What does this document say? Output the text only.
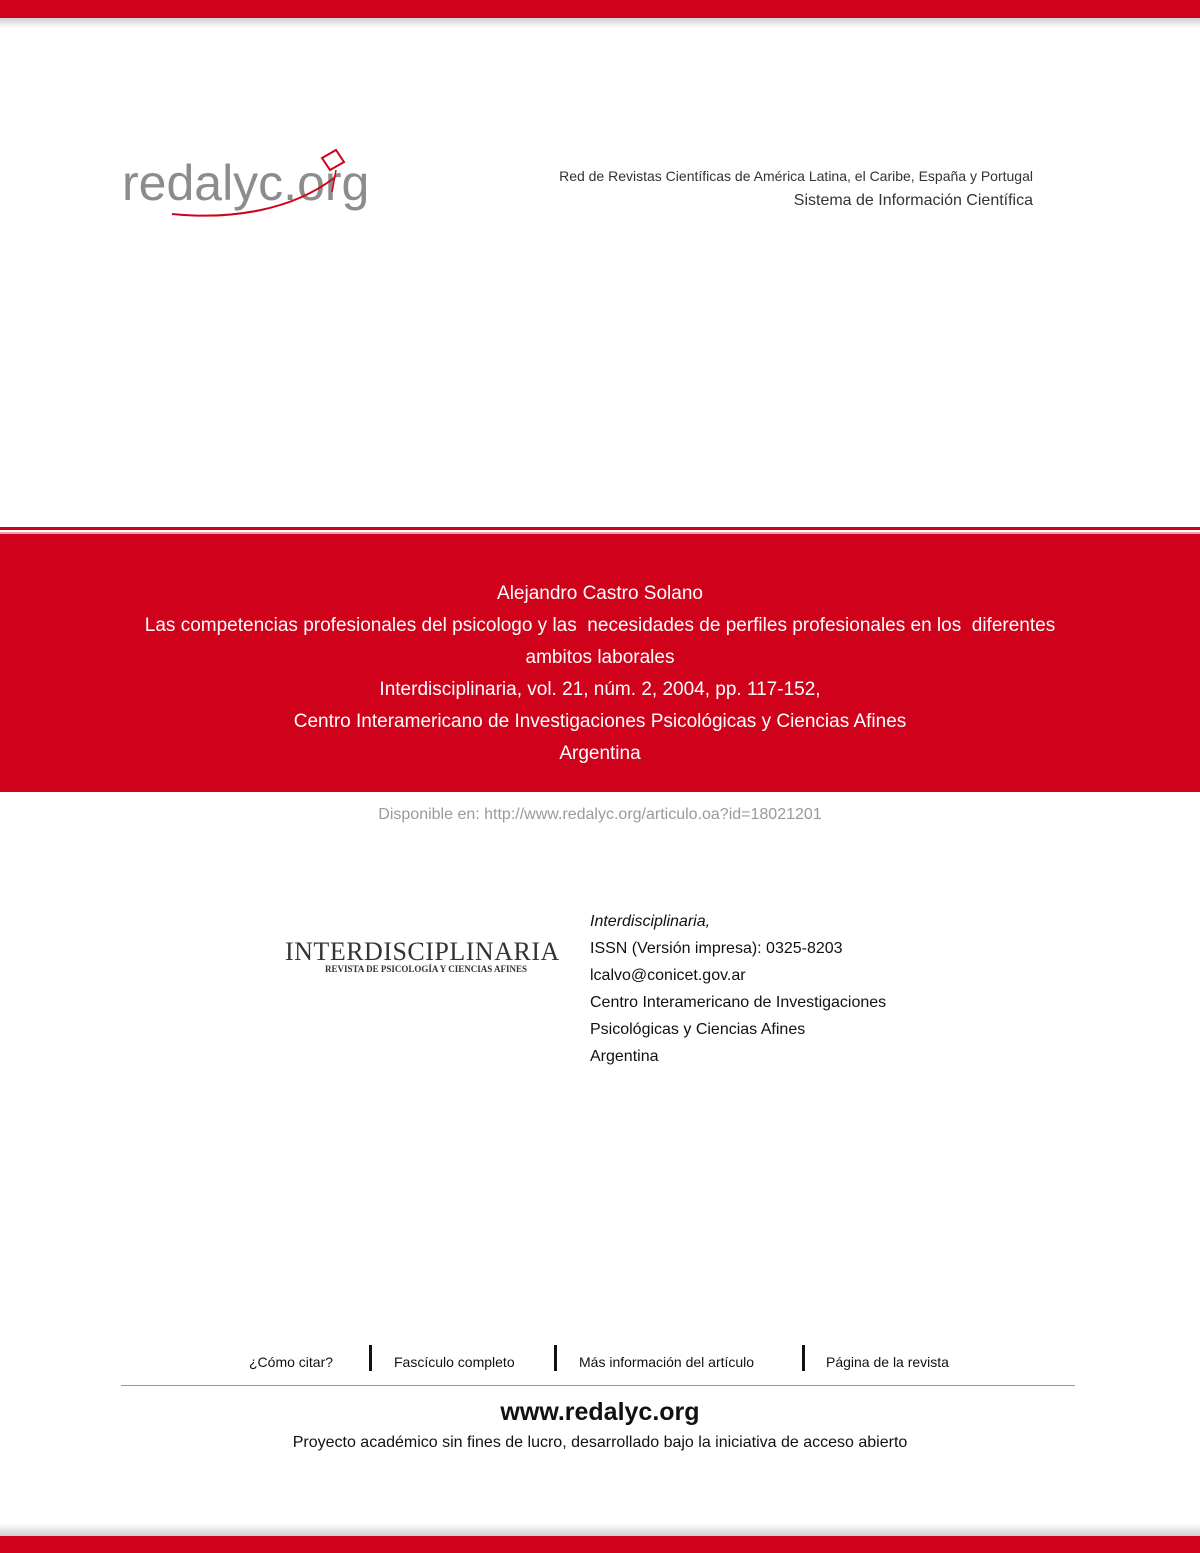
redalyc.org	Red de Revistas Científicas de América Latina, el Caribe, España y Portugal
Sistema de Información Científica
Alejandro Castro Solano
Las competencias profesionales del psicologo y las  necesidades de perfiles profesionales en los  diferentes
ambitos laborales
Interdisciplinaria, vol. 21, núm. 2, 2004, pp. 117-152,
Centro Interamericano de Investigaciones Psicológicas y Ciencias Afines
Argentina
Disponible en: http://www.redalyc.org/articulo.oa?id=18021201
INTERDISCIPLINARIA
REVISTA DE PSICOLOGÍA Y CIENCIAS AFINES
Interdisciplinaria,
ISSN (Versión impresa): 0325-8203
lcalvo@conicet.gov.ar
Centro Interamericano de Investigaciones
Psicológicas y Ciencias Afines
Argentina
¿Cómo citar?	Fascículo completo	Más información del artículo	Página de la revista
www.redalyc.org
Proyecto académico sin fines de lucro, desarrollado bajo la iniciativa de acceso abierto
